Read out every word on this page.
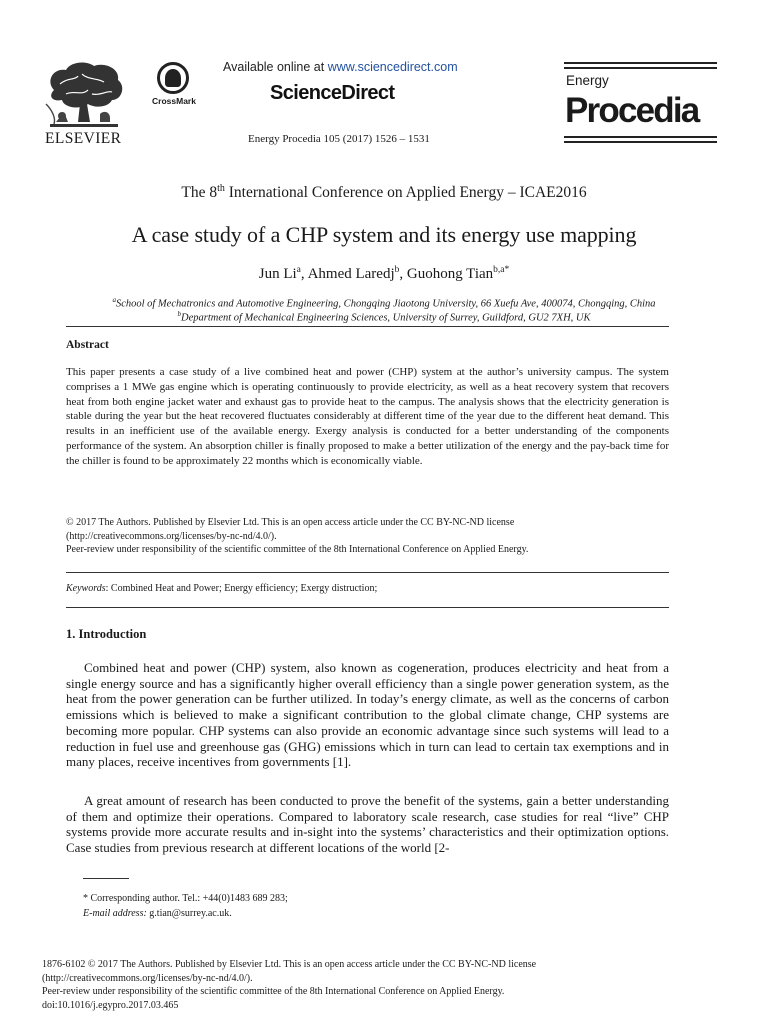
ELSEVIER
CrossMark
Available online at www.sciencedirect.com
ScienceDirect
Energy Procedia 105 (2017) 1526 – 1531
Energy
Procedia
The 8th International Conference on Applied Energy – ICAE2016
A case study of a CHP system and its energy use mapping
Jun Li$^a$, Ahmed Laredj$^b$, Guohong Tian$^{b,a*}$
$^a$School of Mechatronics and Automotive Engineering, Chongqing Jiaotong University, 66 Xuefu Ave, 400074, Chongqing, China
$^b$Department of Mechanical Engineering Sciences, University of Surrey, Guildford, GU2 7XH, UK
Abstract
This paper presents a case study of a live combined heat and power (CHP) system at the author’s university campus. The system comprises a 1 MWe gas engine which is operating continuously to provide electricity, as well as a heat recovery system that recovers heat from both engine jacket water and exhaust gas to provide heat to the campus. The analysis shows that the electricity generation is stable during the year but the heat recovered fluctuates considerably at different time of the year due to the different heat demand. This results in an inefficient use of the available energy. Exergy analysis is conducted for a better understanding of the components performance of the system. An absorption chiller is finally proposed to make a better utilization of the energy and the pay-back time for the chiller is found to be approximately 22 months which is economically viable.
© 2017 The Authors. Published by Elsevier Ltd. This is an open access article under the CC BY-NC-ND license
(http://creativecommons.org/licenses/by-nc-nd/4.0/).
Peer-review under responsibility of the scientific committee of the 8th International Conference on Applied Energy.
Keywords: Combined Heat and Power; Energy efficiency; Exergy distruction;
1. Introduction
Combined heat and power (CHP) system, also known as cogeneration, produces electricity and heat from a single energy source and has a significantly higher overall efficiency than a single power generation system, as the heat from the power generation can be further utilized. In today’s energy climate, as well as the concerns of carbon emissions which is believed to make a significant contribution to the global climate change, CHP systems are becoming more popular. CHP systems can also provide an economic advantage since such systems will lead to a reduction in fuel use and greenhouse gas (GHG) emissions which in turn can lead to certain tax exemptions and in many places, receive incentives from governments [1].
A great amount of research has been conducted to prove the benefit of the systems, gain a better understanding of them and optimize their operations. Compared to laboratory scale research, case studies for real “live” CHP systems provide more accurate results and in-sight into the systems’ characteristics and their optimization options. Case studies from previous research at different locations of the world [2-
* Corresponding author. Tel.: +44(0)1483 689 283;
E-mail address: g.tian@surrey.ac.uk.
1876-6102 © 2017 The Authors. Published by Elsevier Ltd. This is an open access article under the CC BY-NC-ND license
(http://creativecommons.org/licenses/by-nc-nd/4.0/).
Peer-review under responsibility of the scientific committee of the 8th International Conference on Applied Energy.
doi:10.1016/j.egypro.2017.03.465
